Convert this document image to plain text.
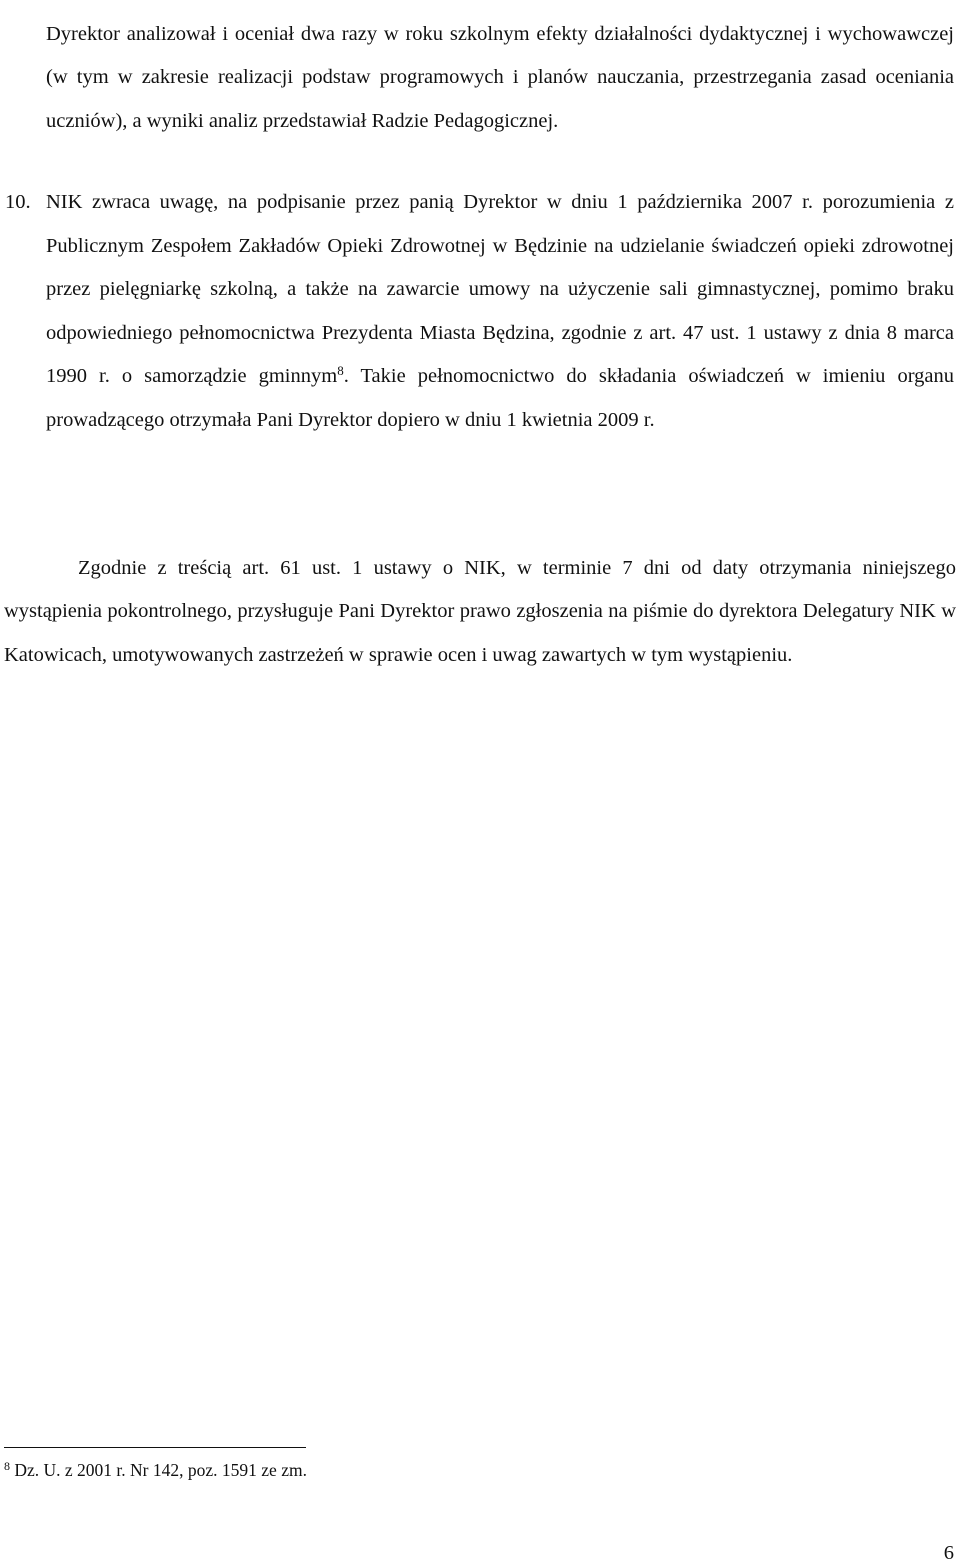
Dyrektor analizował i oceniał dwa razy w roku szkolnym efekty działalności dydaktycznej i wychowawczej (w tym w zakresie realizacji podstaw programowych i planów nauczania, przestrzegania zasad oceniania uczniów), a wyniki analiz przedstawiał Radzie Pedagogicznej.

10. NIK zwraca uwagę, na podpisanie przez panią Dyrektor w dniu 1 października 2007 r. porozumienia z Publicznym Zespołem Zakładów Opieki Zdrowotnej w Będzinie na udzielanie świadczeń opieki zdrowotnej przez pielęgniarkę szkolną, a także na zawarcie umowy na użyczenie sali gimnastycznej, pomimo braku odpowiedniego pełnomocnictwa Prezydenta Miasta Będzina, zgodnie z art. 47 ust. 1 ustawy z dnia 8 marca 1990 r. o samorządzie gminnym$^8$. Takie pełnomocnictwo do składania oświadczeń w imieniu organu prowadzącego otrzymała Pani Dyrektor dopiero w dniu 1 kwietnia 2009 r.

Zgodnie z treścią art. 61 ust. 1 ustawy o NIK, w terminie 7 dni od daty otrzymania niniejszego wystąpienia pokontrolnego, przysługuje Pani Dyrektor prawo zgłoszenia na piśmie do dyrektora Delegatury NIK w Katowicach, umotywowanych zastrzeżeń w sprawie ocen i uwag zawartych w tym wystąpieniu.

$^8$ Dz. U. z 2001 r. Nr 142, poz. 1591 ze zm.
6
